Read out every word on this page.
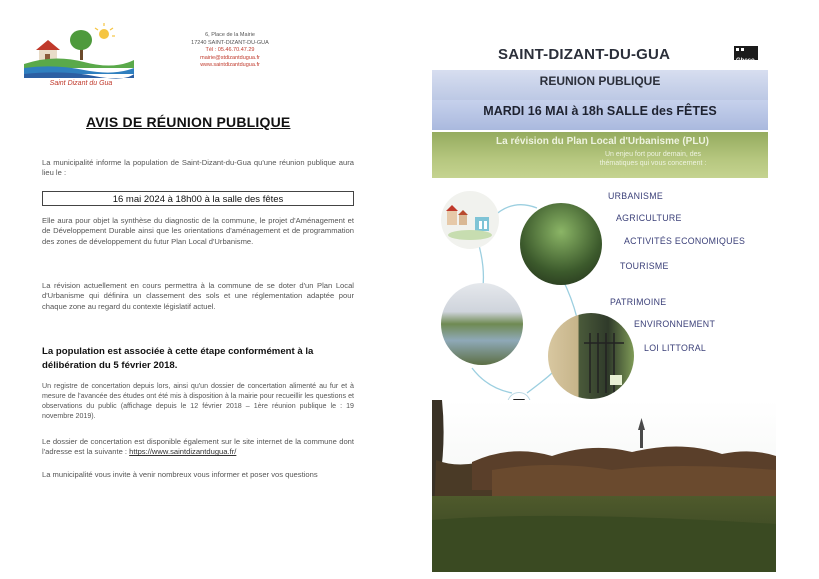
Saint Dizant du Gua
6, Place de la Mairie
17240 SAINT-DIZANT-DU-GUA
Tél : 05.46.70.47.29
mairie@stdizantdugua.fr
www.saintdizantdugua.fr
AVIS DE RÉUNION PUBLIQUE
La municipalité informe la population de Saint-Dizant-du-Gua qu'une réunion publique aura lieu le :
16 mai 2024 à 18h00 à la salle des fêtes
Elle aura pour objet la synthèse du diagnostic de la commune, le projet d'Aménagement et de Développement Durable ainsi que les orientations d'aménagement et de programmation des zones de développement du futur Plan Local d'Urbanisme.
La révision actuellement en cours permettra à la commune de se doter d'un Plan Local d'Urbanisme qui définira un classement des sols et une réglementation adaptée pour chaque zone au regard du contexte législatif actuel.
La population est associée à cette étape conformément à la délibération du 5 février 2018.
Un registre de concertation depuis lors, ainsi qu'un dossier de concertation alimenté au fur et à mesure de l'avancée des études ont été mis à disposition à la mairie pour recueillir les questions et observations du public (affichage depuis le 12 février 2018 – 1ère réunion publique le : 19 novembre 2019).
Le dossier de concertation est disponible également sur le site internet de la commune dont l'adresse est la suivante : https://www.saintdizantdugua.fr/
La municipalité vous invite à venir nombreux vous informer et poser vos questions
SAINT-DIZANT-DU-GUA	Gheco
REUNION PUBLIQUE
MARDI 16 MAI à 18h SALLE des FÊTES
La révision du Plan Local d'Urbanisme (PLU)
Un enjeu fort pour demain, des thématiques qui vous concernent :
URBANISME
AGRICULTURE
ACTIVITÉS ECONOMIQUES
TOURISME
PATRIMOINE
ENVIRONNEMENT
LOI LITTORAL
